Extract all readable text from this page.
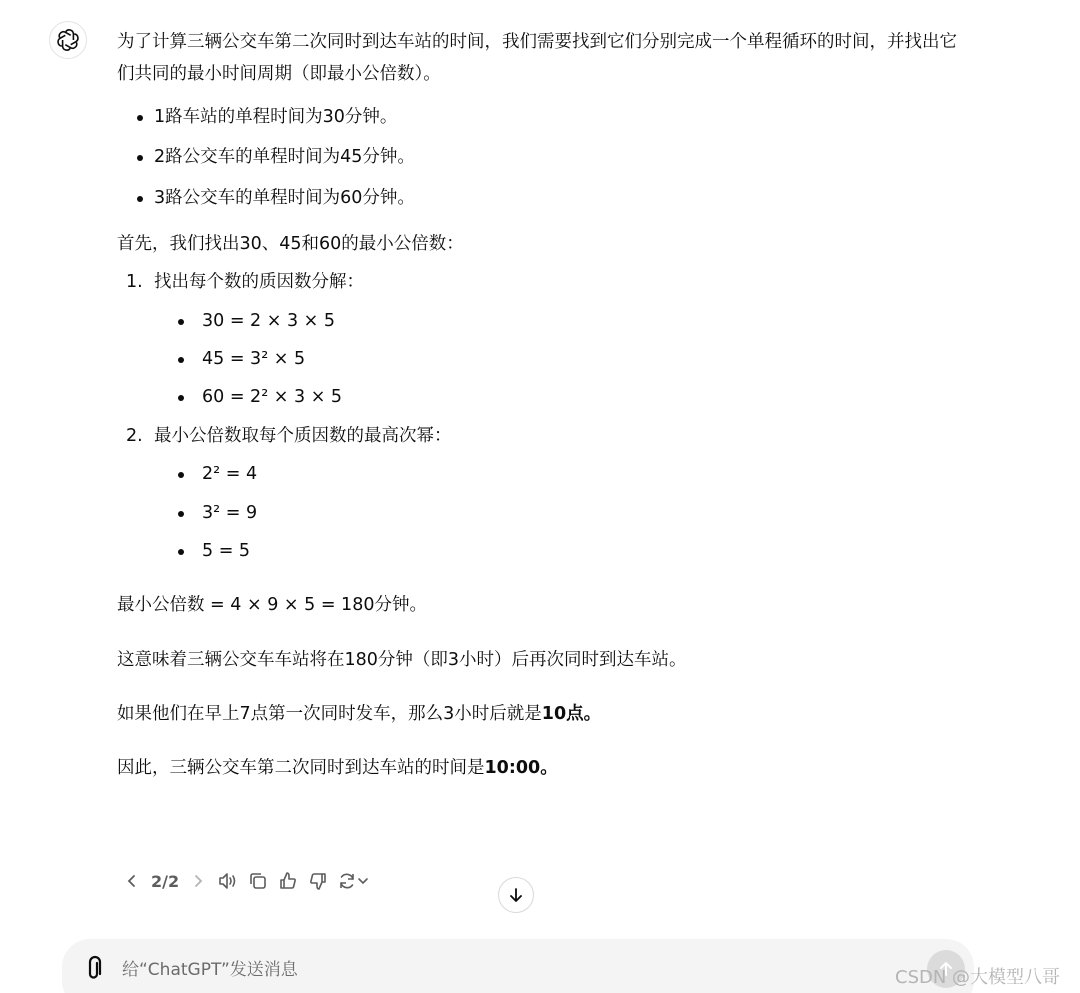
为了计算三辆公交车第二次同时到达车站的时间，我们需要找到它们分别完成一个单程循环的时间，并找出它们共同的最小时间周期（即最小公倍数）。

1路车站的单程时间为30分钟。
2路公交车的单程时间为45分钟。
3路公交车的单程时间为60分钟。

首先，我们找出30、45和60的最小公倍数：

1. 找出每个数的质因数分解：
30 = 2 × 3 × 5
45 = 3² × 5
60 = 2² × 3 × 5
2. 最小公倍数取每个质因数的最高次幂：
2² = 4
3² = 9
5 = 5

最小公倍数 = 4 × 9 × 5 = 180分钟。

这意味着三辆公交车车站将在180分钟（即3小时）后再次同时到达车站。

如果他们在早上7点第一次同时发车，那么3小时后就是10点。

因此，三辆公交车第二次同时到达车站的时间是10:00。

2/2
给“ChatGPT”发送消息
CSDN @大模型八哥
